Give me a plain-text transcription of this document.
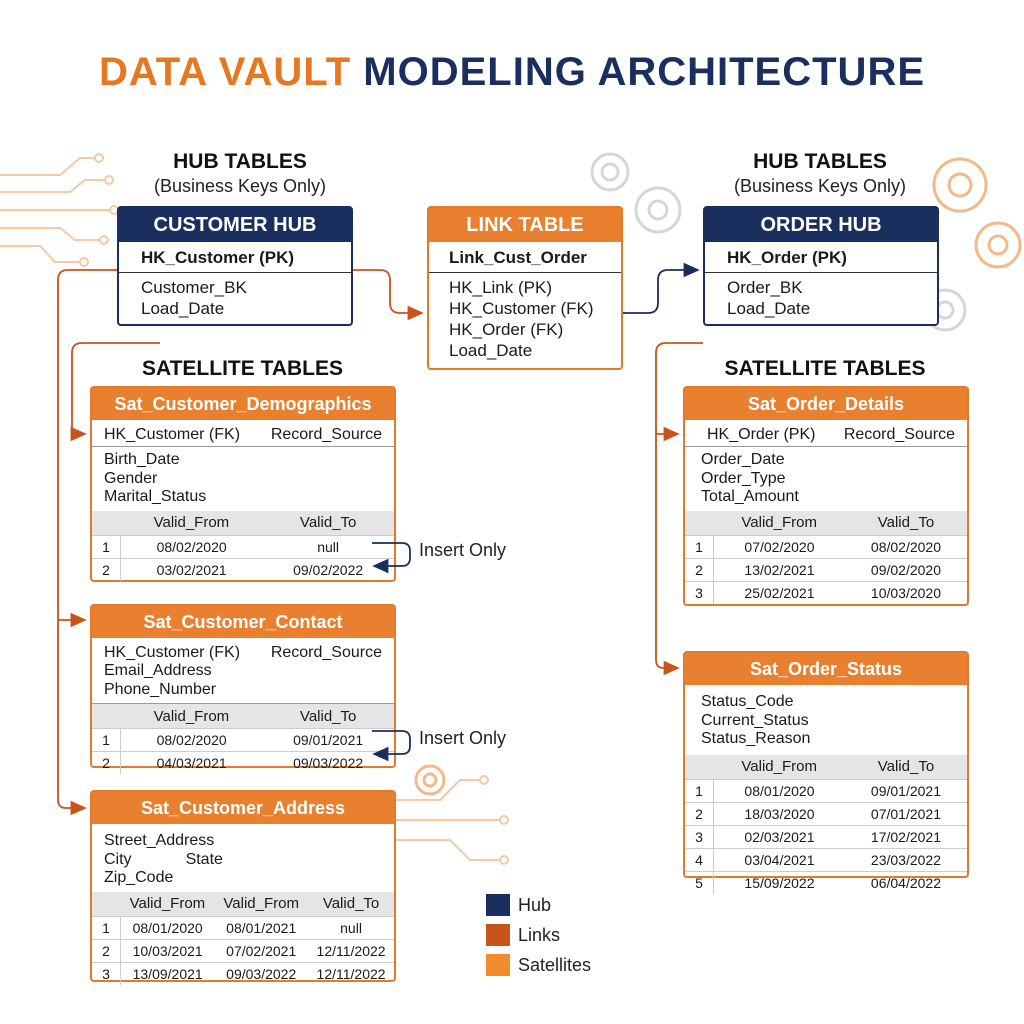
DATA VAULT MODELING ARCHITECTURE
HUB TABLES
(Business Keys Only)
HUB TABLES
(Business Keys Only)
CUSTOMER HUB
HK_Customer (PK)
Customer_BK
Load_Date
LINK TABLE
Link_Cust_Order
HK_Link (PK)
HK_Customer (FK)
HK_Order (FK)
Load_Date
ORDER HUB
HK_Order (PK)
Order_BK
Load_Date
SATELLITE TABLES	SATELLITE TABLES
Sat_Customer_Demographics
HK_Customer (FK) Record_Source
Birth_Date
Gender
Marital_Status
	Valid_From	Valid_To
1	08/02/2020	null
2	03/02/2021	09/02/2022
Sat_Customer_Contact
HK_Customer (FK) Record_Source
Email_Address
Phone_Number
	Valid_From	Valid_To
1	08/02/2020	09/01/2021
2	04/03/2021	09/03/2022
Sat_Customer_Address
Street_Address
City	State
Zip_Code
	Valid_From	Valid_From	Valid_To
1	08/01/2020	08/01/2021	null
2	10/03/2021	07/02/2021	12/11/2022
3	13/09/2021	09/03/2022	12/11/2022
Sat_Order_Details
HK_Order (PK) Record_Source
Order_Date
Order_Type
Total_Amount
	Valid_From	Valid_To
1	07/02/2020	08/02/2020
2	13/02/2021	09/02/2020
3	25/02/2021	10/03/2020
Sat_Order_Status
Status_Code
Current_Status
Status_Reason
	Valid_From	Valid_To
1	08/01/2020	09/01/2021
2	18/03/2020	07/01/2021
3	02/03/2021	17/02/2021
4	03/04/2021	23/03/2022
5	15/09/2022	06/04/2022
Insert Only
Insert Only
Hub
Links
Satellites
